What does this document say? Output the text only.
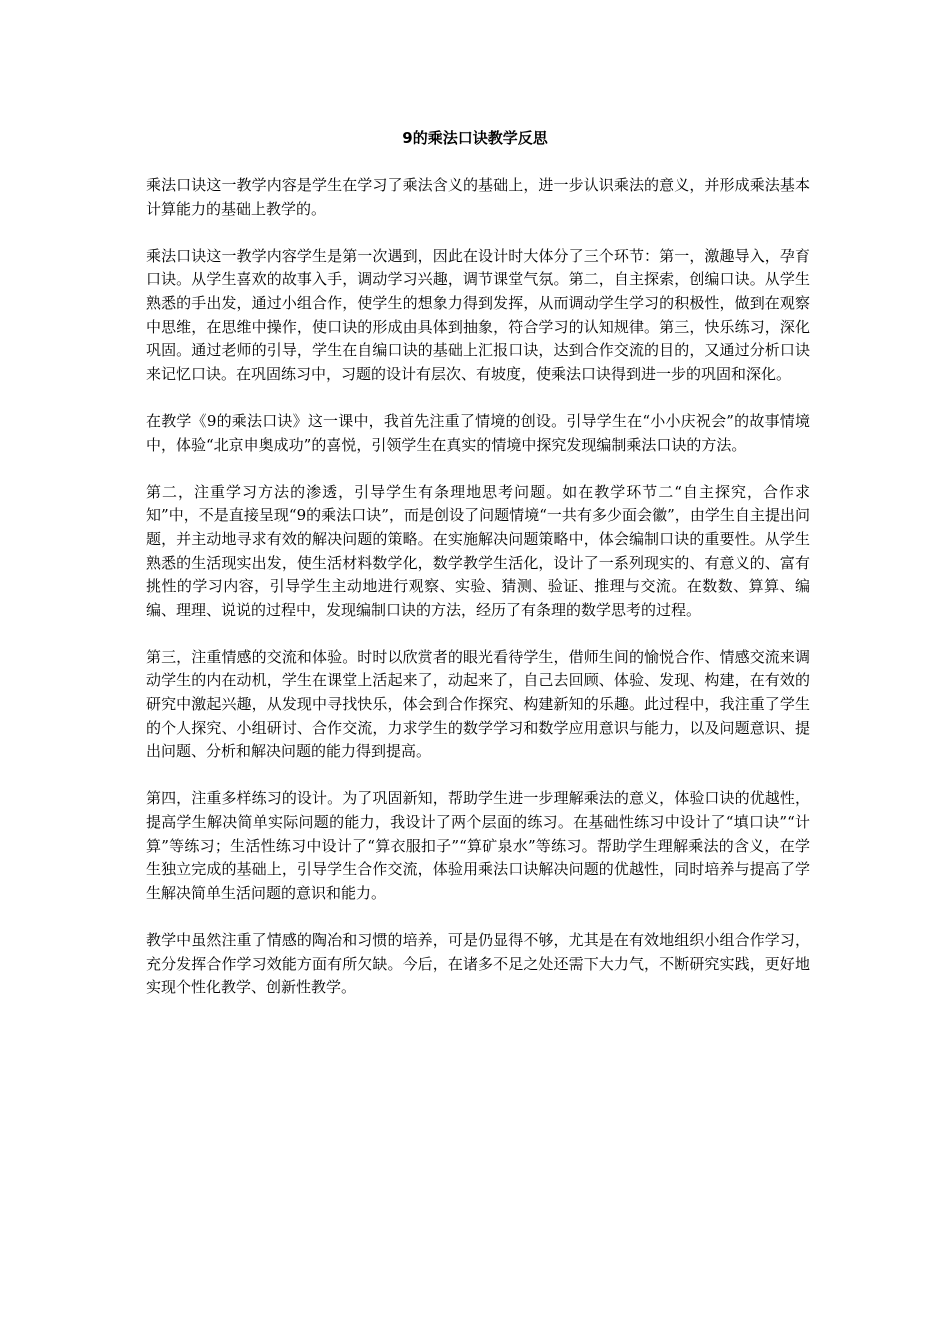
9的乘法口诀教学反思

乘法口诀这一教学内容是学生在学习了乘法含义的基础上，进一步认识乘法的意义，并形成乘法基本计算能力的基础上教学的。

乘法口诀这一教学内容学生是第一次遇到，因此在设计时大体分了三个环节：第一，激趣导入，孕育口诀。从学生喜欢的故事入手，调动学习兴趣，调节课堂气氛。第二，自主探索，创编口诀。从学生熟悉的手出发，通过小组合作，使学生的想象力得到发挥，从而调动学生学习的积极性，做到在观察中思维，在思维中操作，使口诀的形成由具体到抽象，符合学习的认知规律。第三，快乐练习，深化巩固。通过老师的引导，学生在自编口诀的基础上汇报口诀，达到合作交流的目的，又通过分析口诀来记忆口诀。在巩固练习中，习题的设计有层次、有坡度，使乘法口诀得到进一步的巩固和深化。

在教学《9的乘法口诀》这一课中，我首先注重了情境的创设。引导学生在“小小庆祝会”的故事情境中，体验“北京申奥成功”的喜悦，引领学生在真实的情境中探究发现编制乘法口诀的方法。

第二，注重学习方法的渗透，引导学生有条理地思考问题。如在教学环节二“自主探究，合作求知”中，不是直接呈现“9的乘法口诀”，而是创设了问题情境“一共有多少面会徽”，由学生自主提出问题，并主动地寻求有效的解决问题的策略。在实施解决问题策略中，体会编制口诀的重要性。从学生熟悉的生活现实出发，使生活材料数学化，数学教学生活化，设计了一系列现实的、有意义的、富有挑性的学习内容，引导学生主动地进行观察、实验、猜测、验证、推理与交流。在数数、算算、编编、理理、说说的过程中，发现编制口诀的方法，经历了有条理的数学思考的过程。

第三，注重情感的交流和体验。时时以欣赏者的眼光看待学生，借师生间的愉悦合作、情感交流来调动学生的内在动机，学生在课堂上活起来了，动起来了，自己去回顾、体验、发现、构建，在有效的研究中激起兴趣，从发现中寻找快乐，体会到合作探究、构建新知的乐趣。此过程中，我注重了学生的个人探究、小组研讨、合作交流，力求学生的数学学习和数学应用意识与能力，以及问题意识、提出问题、分析和解决问题的能力得到提高。

第四，注重多样练习的设计。为了巩固新知，帮助学生进一步理解乘法的意义，体验口诀的优越性，提高学生解决简单实际问题的能力，我设计了两个层面的练习。在基础性练习中设计了“填口诀”“计算”等练习；生活性练习中设计了“算衣服扣子”“算矿泉水”等练习。帮助学生理解乘法的含义，在学生独立完成的基础上，引导学生合作交流，体验用乘法口诀解决问题的优越性，同时培养与提高了学生解决简单生活问题的意识和能力。

教学中虽然注重了情感的陶冶和习惯的培养，可是仍显得不够，尤其是在有效地组织小组合作学习，充分发挥合作学习效能方面有所欠缺。今后，在诸多不足之处还需下大力气，不断研究实践，更好地实现个性化教学、创新性教学。
